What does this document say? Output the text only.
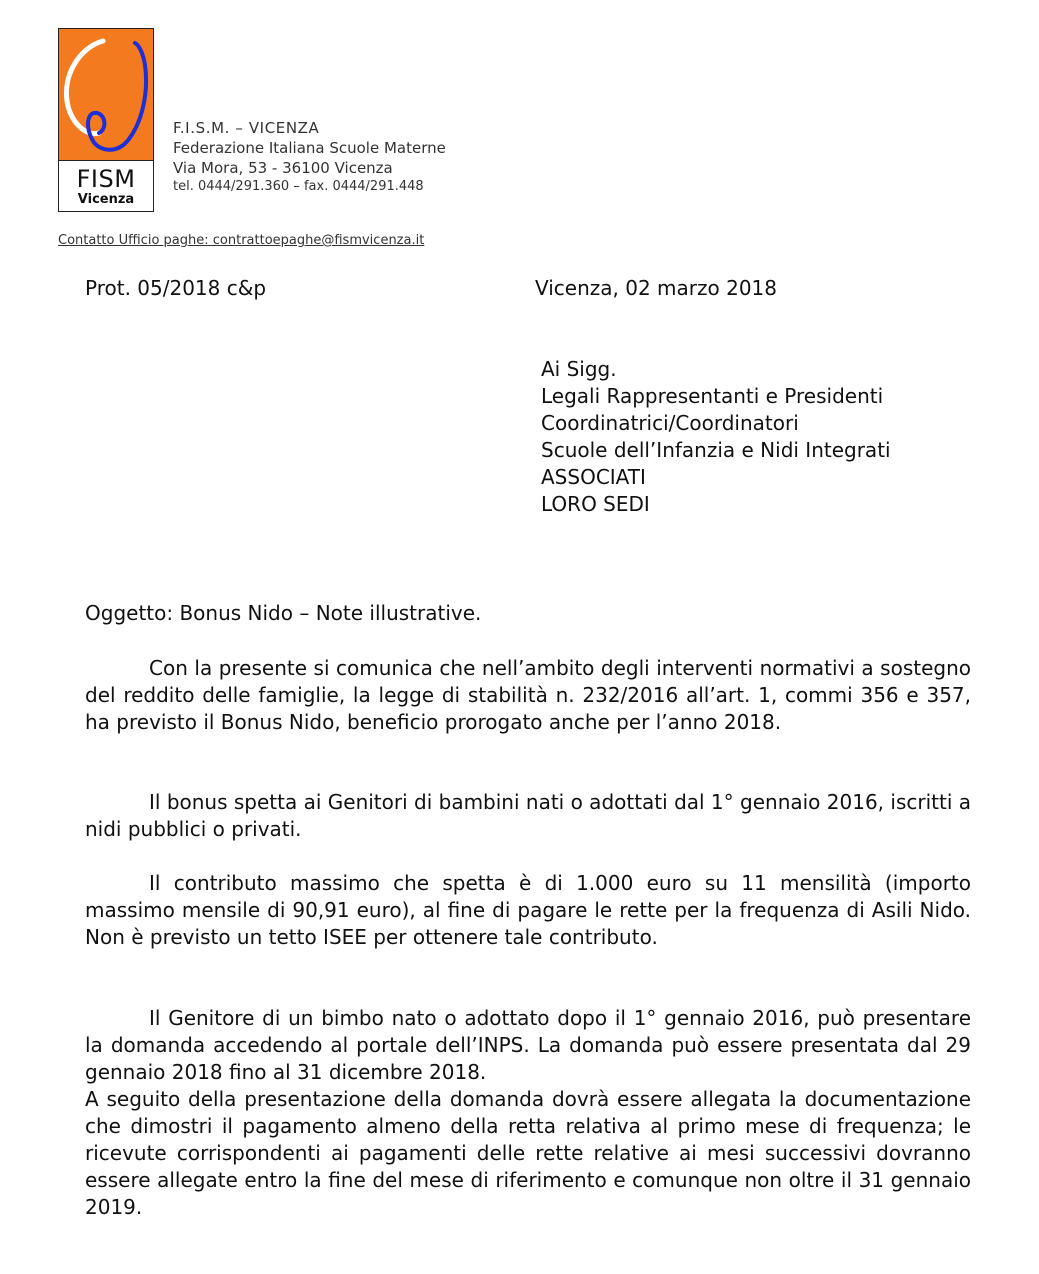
FISM
Vicenza
F.I.S.M. – VICENZA
Federazione Italiana Scuole Materne
Via Mora, 53 - 36100 Vicenza
tel. 0444/291.360 – fax. 0444/291.448
Contatto Ufficio paghe: contrattoepaghe@fismvicenza.it
Prot. 05/2018 c&p	Vicenza, 02 marzo 2018
Ai Sigg.
Legali Rappresentanti e Presidenti
Coordinatrici/Coordinatori
Scuole dell’Infanzia e Nidi Integrati
ASSOCIATI
LORO SEDI
Oggetto: Bonus Nido – Note illustrative.

Con la presente si comunica che nell’ambito degli interventi normativi a sostegno del reddito delle famiglie, la legge di stabilità n. 232/2016 all’art. 1, commi 356 e 357, ha previsto il Bonus Nido, beneficio prorogato anche per l’anno 2018.

Il bonus spetta ai Genitori di bambini nati o adottati dal 1° gennaio 2016, iscritti a nidi pubblici o privati.

Il contributo massimo che spetta è di 1.000 euro su 11 mensilità (importo massimo mensile di 90,91 euro), al fine di pagare le rette per la frequenza di Asili Nido. Non è previsto un tetto ISEE per ottenere tale contributo.

Il Genitore di un bimbo nato o adottato dopo il 1° gennaio 2016, può presentare la domanda accedendo al portale dell’INPS. La domanda può essere presentata dal 29 gennaio 2018 fino al 31 dicembre 2018.

A seguito della presentazione della domanda dovrà essere allegata la documentazione che dimostri il pagamento almeno della retta relativa al primo mese di frequenza; le ricevute corrispondenti ai pagamenti delle rette relative ai mesi successivi dovranno essere allegate entro la fine del mese di riferimento e comunque non oltre il 31 gennaio 2019.
